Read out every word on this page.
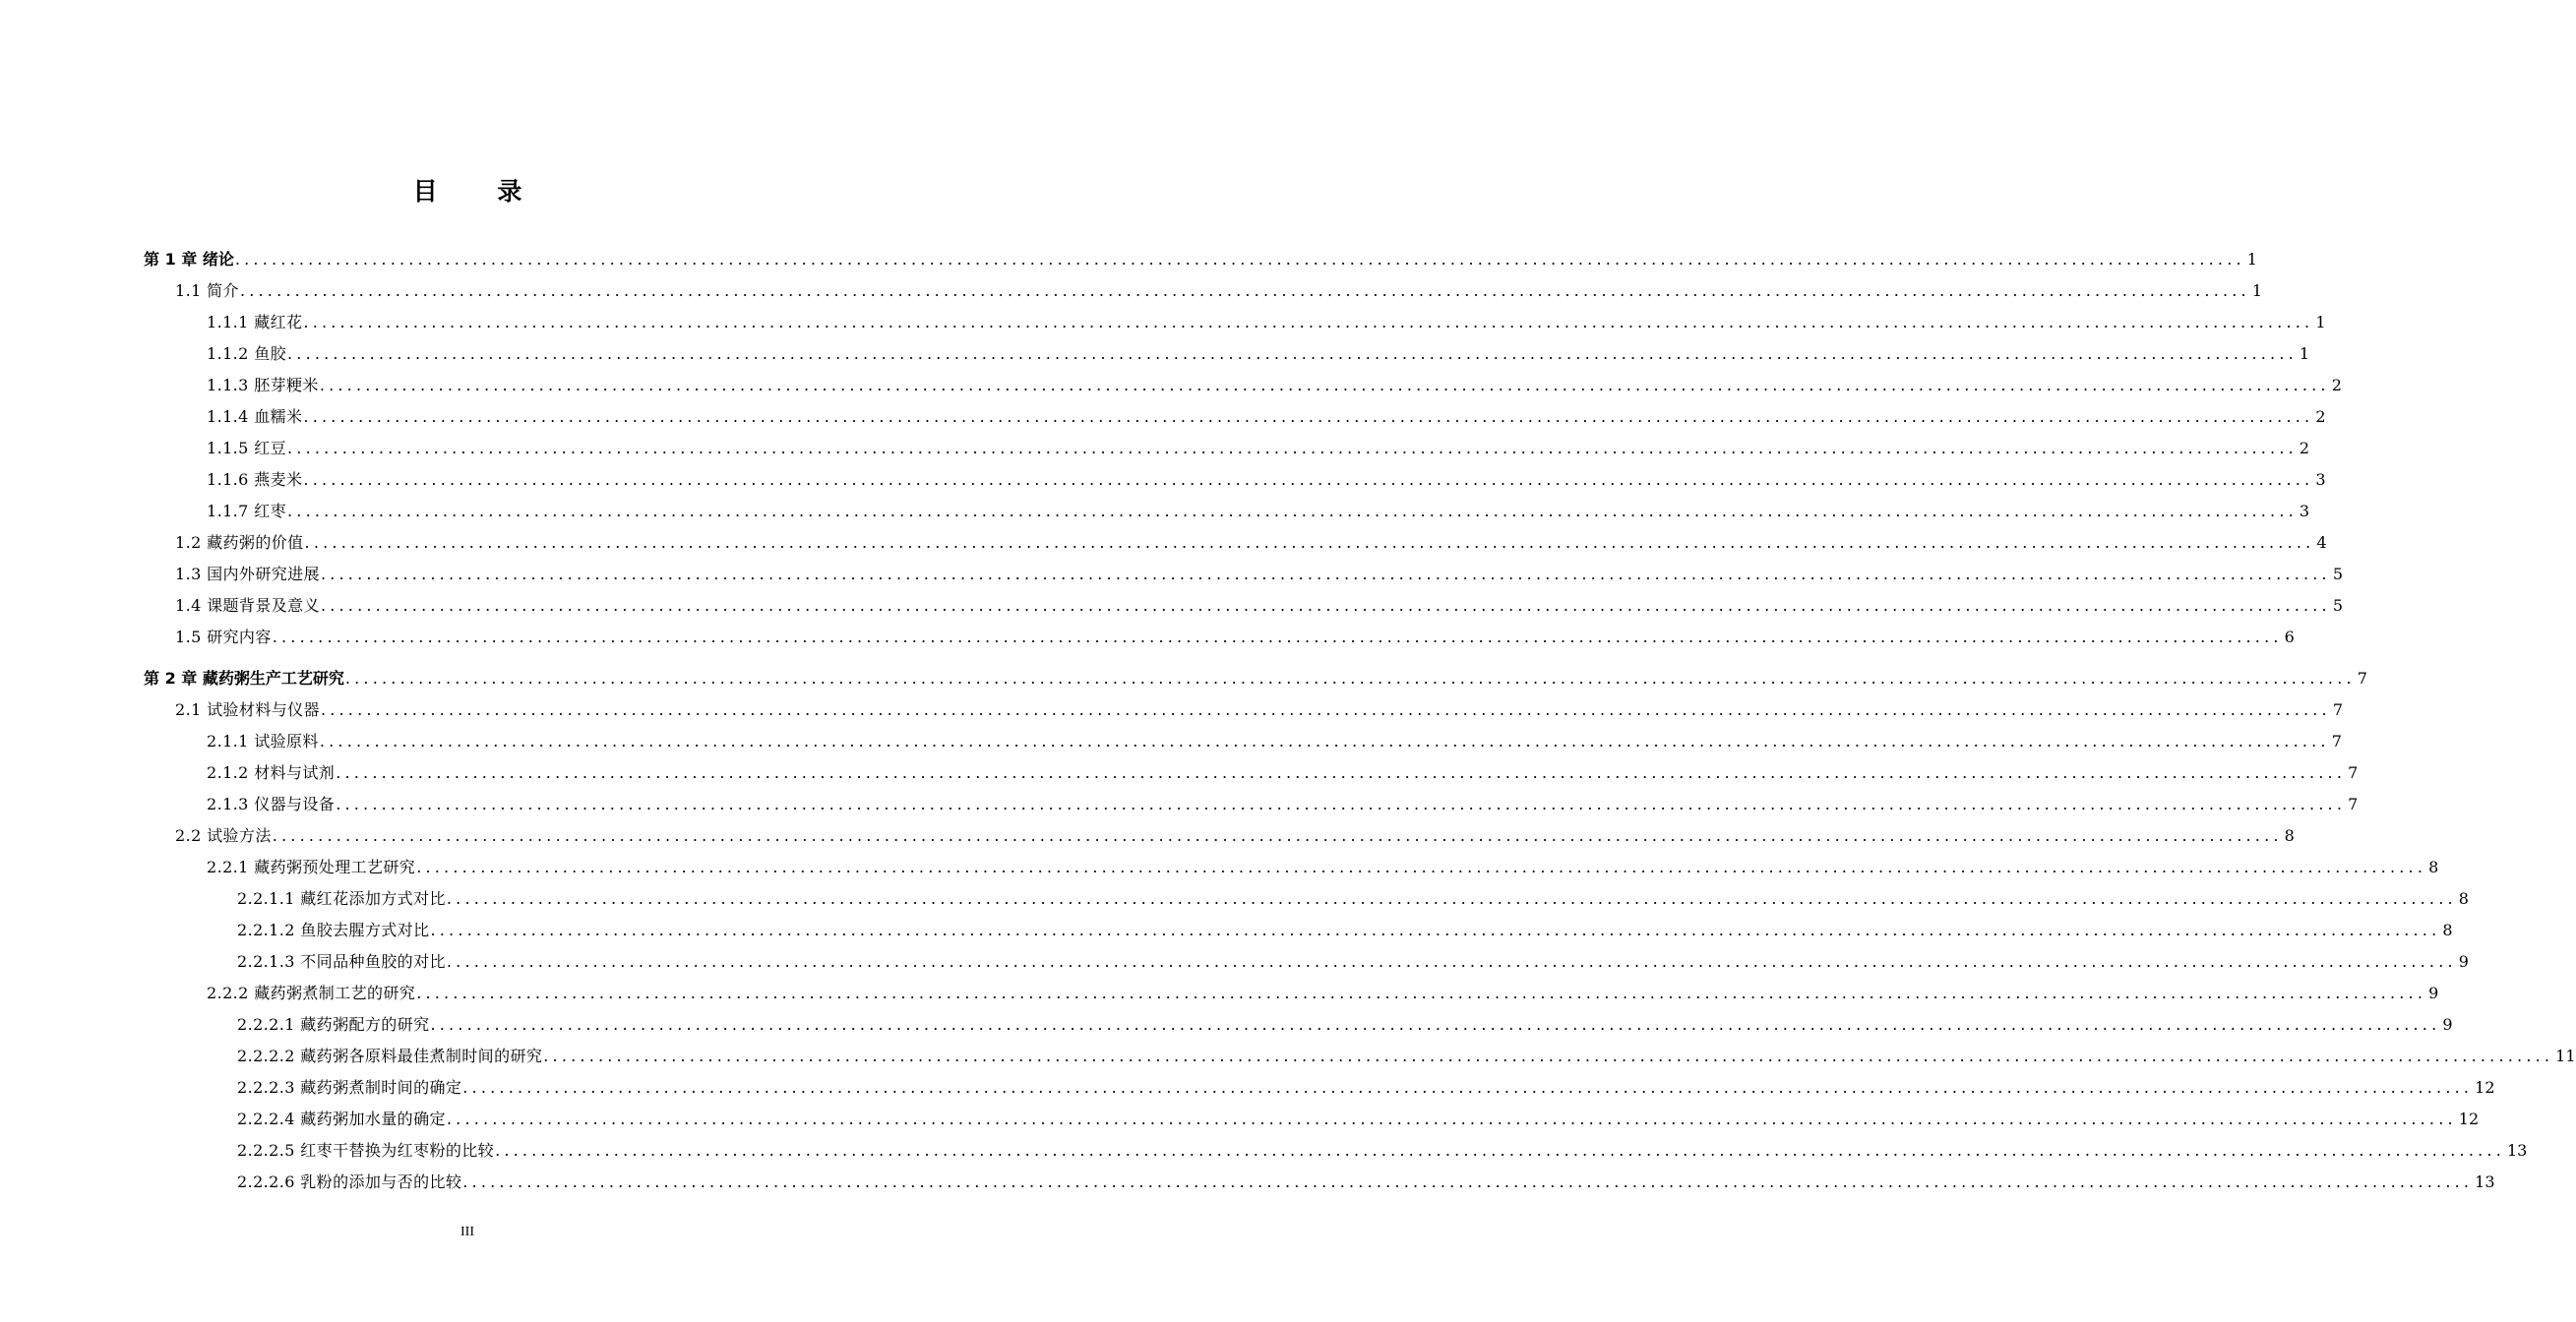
目 录
第 1 章 绪论 ............................................................................................................................................................................................................................ 1
1.1 简介 ............................................................................................................................................................................................................................ 1
1.1.1 藏红花 ............................................................................................................................................................................................................................ 1
1.1.2 鱼胶 ............................................................................................................................................................................................................................ 1
1.1.3 胚芽粳米 ............................................................................................................................................................................................................................ 2
1.1.4 血糯米 ............................................................................................................................................................................................................................ 2
1.1.5 红豆 ............................................................................................................................................................................................................................ 2
1.1.6 燕麦米 ............................................................................................................................................................................................................................ 3
1.1.7 红枣 ............................................................................................................................................................................................................................ 3
1.2 藏药粥的价值 ............................................................................................................................................................................................................................ 4
1.3 国内外研究进展 ............................................................................................................................................................................................................................ 5
1.4 课题背景及意义 ............................................................................................................................................................................................................................ 5
1.5 研究内容 ............................................................................................................................................................................................................................ 6
第 2 章 藏药粥生产工艺研究 ............................................................................................................................................................................................................................ 7
2.1 试验材料与仪器 ............................................................................................................................................................................................................................ 7
2.1.1 试验原料 ............................................................................................................................................................................................................................ 7
2.1.2 材料与试剂 ............................................................................................................................................................................................................................ 7
2.1.3 仪器与设备 ............................................................................................................................................................................................................................ 7
2.2 试验方法 ............................................................................................................................................................................................................................ 8
2.2.1 藏药粥预处理工艺研究 ............................................................................................................................................................................................................................ 8
2.2.1.1 藏红花添加方式对比 ............................................................................................................................................................................................................................ 8
2.2.1.2 鱼胶去腥方式对比 ............................................................................................................................................................................................................................ 8
2.2.1.3 不同品种鱼胶的对比 ............................................................................................................................................................................................................................ 9
2.2.2 藏药粥煮制工艺的研究 ............................................................................................................................................................................................................................ 9
2.2.2.1 藏药粥配方的研究 ............................................................................................................................................................................................................................ 9
2.2.2.2 藏药粥各原料最佳煮制时间的研究 ............................................................................................................................................................................................................................ 11
2.2.2.3 藏药粥煮制时间的确定 ............................................................................................................................................................................................................................ 12
2.2.2.4 藏药粥加水量的确定 ............................................................................................................................................................................................................................ 12
2.2.2.5 红枣干替换为红枣粉的比较 ............................................................................................................................................................................................................................ 13
2.2.2.6 乳粉的添加与否的比较 ............................................................................................................................................................................................................................ 13
III
